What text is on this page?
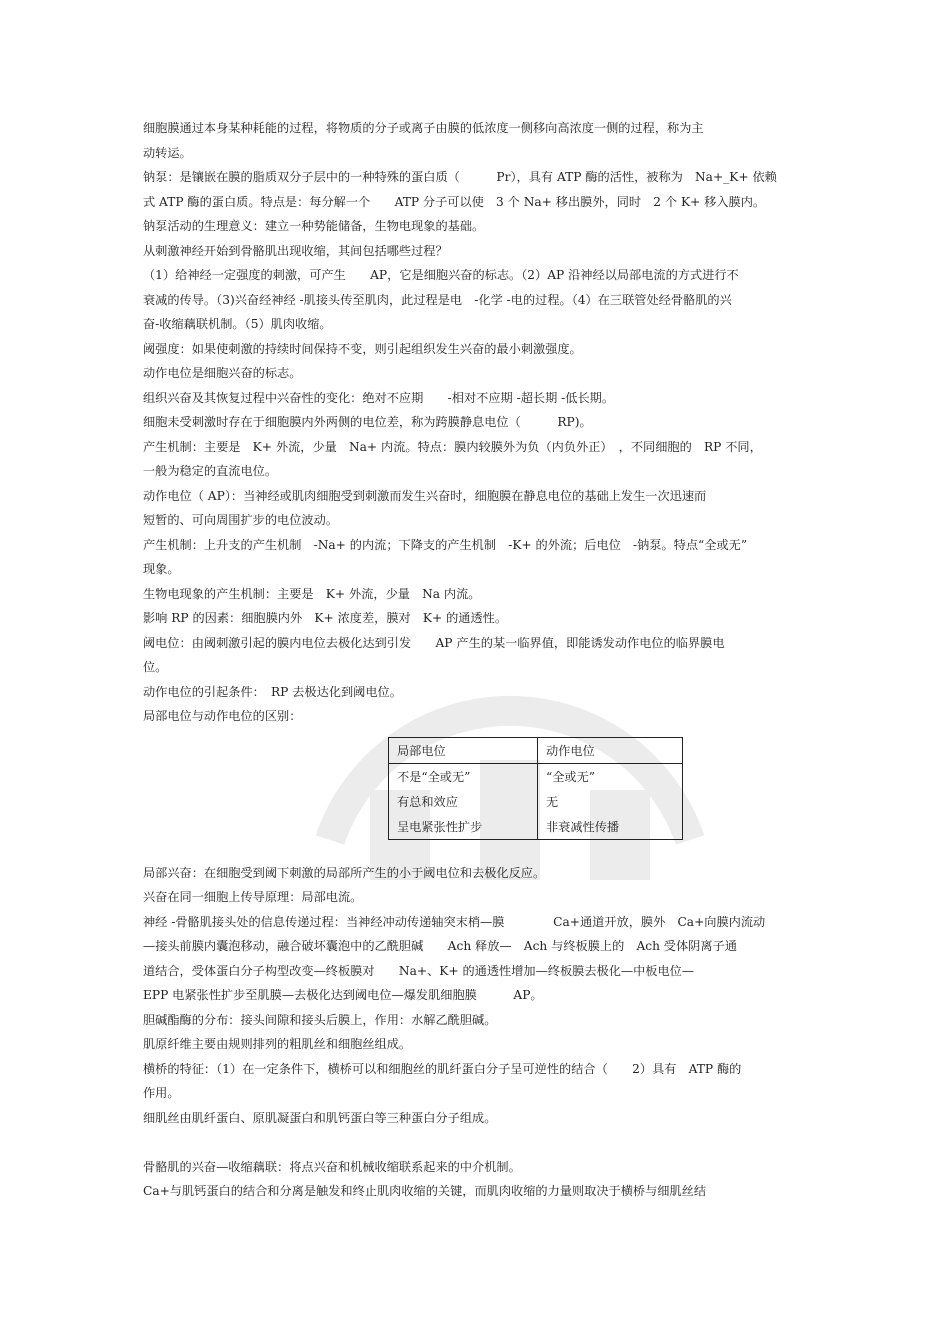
细胞膜通过本身某种耗能的过程，将物质的分子或离子由膜的低浓度一侧移向高浓度一侧的过程，称为主
动转运。
钠泵：是镶嵌在膜的脂质双分子层中的一种特殊的蛋白质（　　　Pr），具有 ATP 酶的活性，被称为　Na+_K+ 依赖
式 ATP 酶的蛋白质。特点是：每分解一个　　ATP 分子可以使　3 个 Na+ 移出膜外，同时　2 个 K+ 移入膜内。
钠泵活动的生理意义：建立一种势能储备，生物电现象的基础。
从刺激神经开始到骨骼肌出现收缩，其间包括哪些过程？
（1）给神经一定强度的刺激，可产生　　AP，它是细胞兴奋的标志。（2）AP 沿神经以局部电流的方式进行不
衰减的传导。（3)兴奋经神经 -肌接头传至肌肉，此过程是电　-化学 -电的过程。（4）在三联管处经骨骼肌的兴
奋-收缩藕联机制。（5）肌肉收缩。
阈强度：如果使刺激的持续时间保持不变，则引起组织发生兴奋的最小刺激强度。
动作电位是细胞兴奋的标志。
组织兴奋及其恢复过程中兴奋性的变化：绝对不应期　　-相对不应期 -超长期 -低长期。
细胞未受刺激时存在于细胞膜内外两侧的电位差，称为跨膜静息电位（　　　RP)。
产生机制：主要是　K+ 外流，少量　Na+ 内流。特点：膜内较膜外为负（内负外正）　，不同细胞的　RP 不同，
一般为稳定的直流电位。
动作电位（ AP）：当神经或肌肉细胞受到刺激而发生兴奋时，细胞膜在静息电位的基础上发生一次迅速而
短暂的、可向周围扩步的电位波动。
产生机制：上升支的产生机制　-Na+ 的内流；下降支的产生机制　-K+ 的外流；后电位　-钠泵。特点“全或无”
现象。
生物电现象的产生机制：主要是　K+ 外流，少量　Na 内流。
影响 RP 的因素：细胞膜内外　K+ 浓度差，膜对　K+ 的通透性。
阈电位：由阈刺激引起的膜内电位去极化达到引发　　AP 产生的某一临界值，即能诱发动作电位的临界膜电
位。
动作电位的引起条件：　RP 去极达化到阈电位。
局部电位与动作电位的区别：
局部电位	动作电位
不是“全或无”	“全或无”
有总和效应	无
呈电紧张性扩步	非衰减性传播
局部兴奋：在细胞受到阈下刺激的局部所产生的小于阈电位和去极化反应。
兴奋在同一细胞上传导原理：局部电流。
神经 -骨骼肌接头处的信息传递过程：当神经冲动传递轴突末梢—膜　　　　Ca+通道开放，膜外　Ca+向膜内流动
—接头前膜内囊泡移动，融合破坏囊泡中的乙酰胆碱　　Ach 释放—　Ach 与终板膜上的　Ach 受体阴离子通
道结合，受体蛋白分子构型改变—终板膜对　　Na+、K+ 的通透性增加—终板膜去极化—中板电位—
EPP 电紧张性扩步至肌膜—去极化达到阈电位—爆发肌细胞膜　　　AP。
胆碱酯酶的分布：接头间隙和接头后膜上，作用：水解乙酰胆碱。
肌原纤维主要由规则排列的粗肌丝和细胞丝组成。
横桥的特征：（1）在一定条件下，横桥可以和细胞丝的肌纤蛋白分子呈可逆性的结合（　　2）具有　ATP 酶的
作用。
细肌丝由肌纤蛋白、原肌凝蛋白和肌钙蛋白等三种蛋白分子组成。
骨骼肌的兴奋—收缩藕联：将点兴奋和机械收缩联系起来的中介机制。
Ca+与肌钙蛋白的结合和分离是触发和终止肌肉收缩的关键，而肌肉收缩的力量则取决于横桥与细肌丝结
